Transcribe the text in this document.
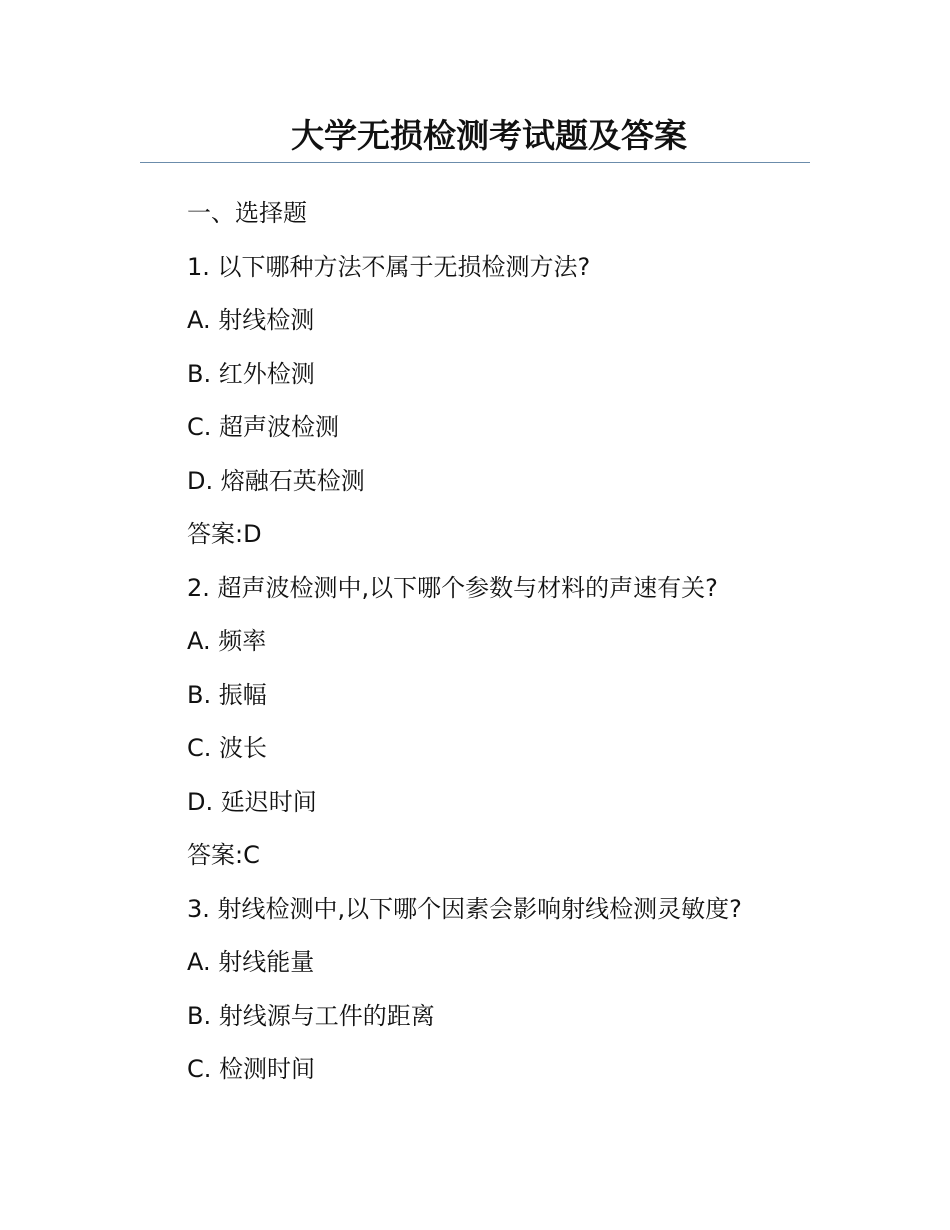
大学无损检测考试题及答案
一、选择题
1. 以下哪种方法不属于无损检测方法?
A. 射线检测
B. 红外检测
C. 超声波检测
D. 熔融石英检测
答案:D
2. 超声波检测中,以下哪个参数与材料的声速有关?
A. 频率
B. 振幅
C. 波长
D. 延迟时间
答案:C
3. 射线检测中,以下哪个因素会影响射线检测灵敏度?
A. 射线能量
B. 射线源与工件的距离
C. 检测时间
